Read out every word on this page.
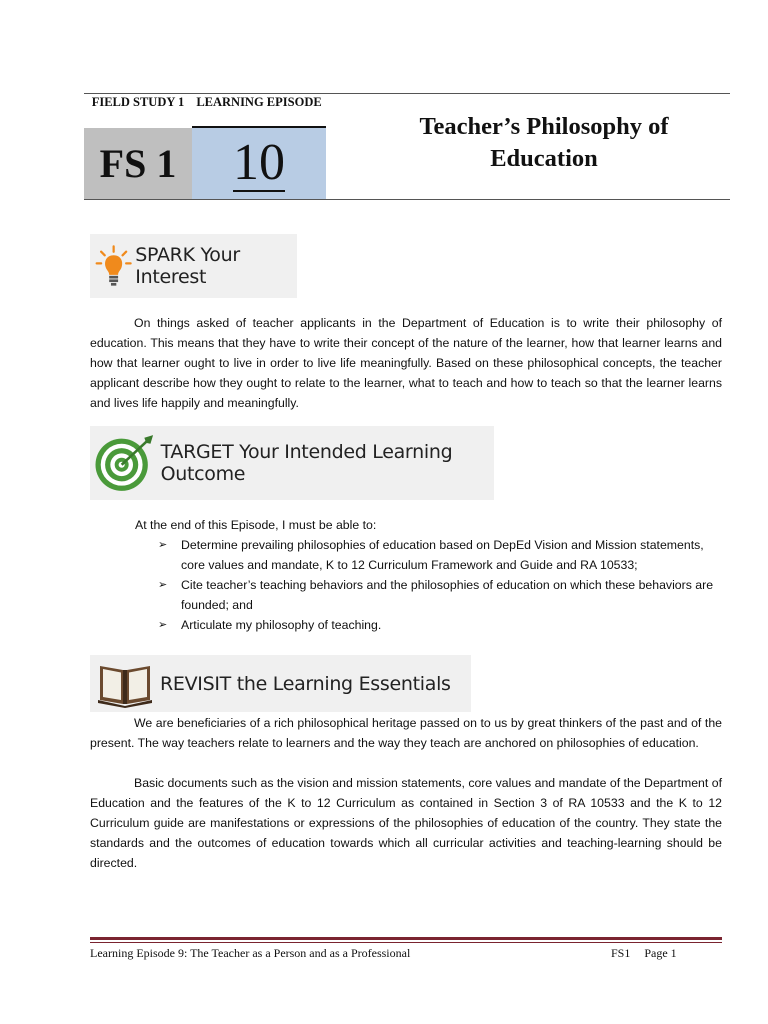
FIELD STUDY 1 LEARNING EPISODE
FS 1	10
Teacher’s Philosophy of
Education
SPARK Your Interest
On things asked of teacher applicants in the Department of Education is to write their philosophy of education. This means that they have to write their concept of the nature of the learner, how that learner learns and how that learner ought to live in order to live life meaningfully. Based on these philosophical concepts, the teacher applicant describe how they ought to relate to the learner, what to teach and how to teach so that the learner learns and lives life happily and meaningfully.
TARGET Your Intended Learning Outcome
At the end of this Episode, I must be able to:
➢ Determine prevailing philosophies of education based on DepEd Vision and Mission statements, core values and mandate, K to 12 Curriculum Framework and Guide and RA 10533;
➢ Cite teacher’s teaching behaviors and the philosophies of education on which these behaviors are founded; and
➢ Articulate my philosophy of teaching.
REVISIT the Learning Essentials
We are beneficiaries of a rich philosophical heritage passed on to us by great thinkers of the past and of the present. The way teachers relate to learners and the way they teach are anchored on philosophies of education.
Basic documents such as the vision and mission statements, core values and mandate of the Department of Education and the features of the K to 12 Curriculum as contained in Section 3 of RA 10533 and the K to 12 Curriculum guide are manifestations or expressions of the philosophies of education of the country. They state the standards and the outcomes of education towards which all curricular activities and teaching-learning should be directed.
Learning Episode 9: The Teacher as a Person and as a Professional	FS1 Page 1
